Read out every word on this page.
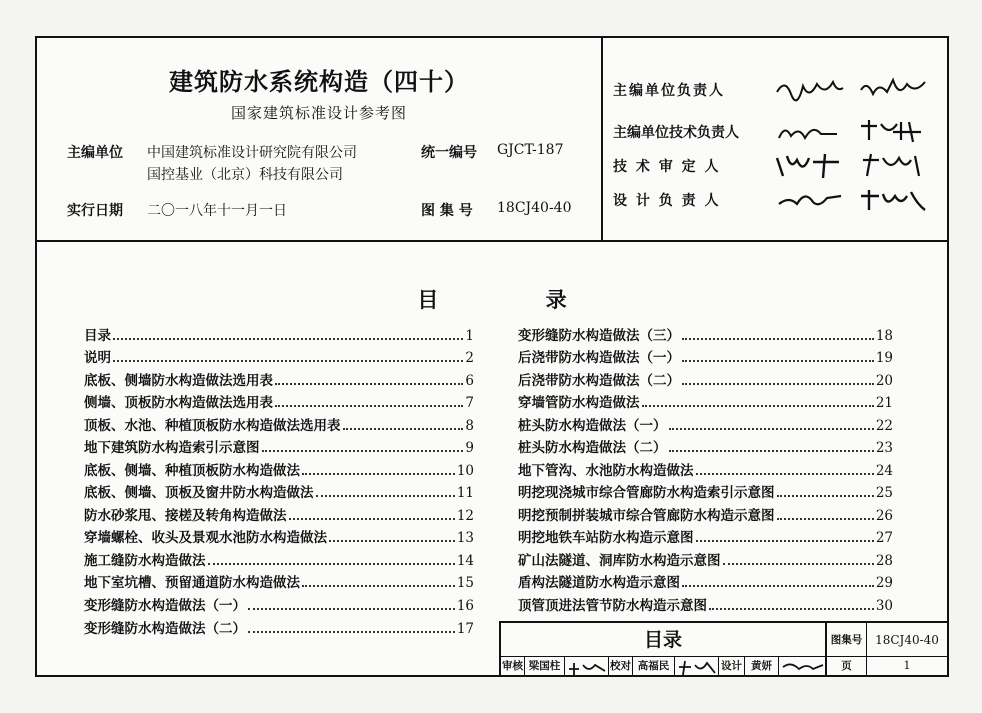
建筑防水系统构造（四十）
国家建筑标准设计参考图
主编单位 中国建筑标准设计研究院有限公司
国控基业（北京）科技有限公司
统一编号 GJCT-187
实行日期 二〇一八年十一月一日	图 集 号 18CJ40-40
主编单位负责人
主编单位技术负责人
技 术 审 定 人
设 计 负 责 人
目 录
目录	1
说明	2
底板、侧墙防水构造做法选用表	6
侧墙、顶板防水构造做法选用表	7
顶板、水池、种植顶板防水构造做法选用表	8
地下建筑防水构造索引示意图	9
底板、侧墙、种植顶板防水构造做法	10
底板、侧墙、顶板及窗井防水构造做法	11
防水砂浆甩、接槎及转角构造做法	12
穿墙螺栓、收头及景观水池防水构造做法	13
施工缝防水构造做法	14
地下室坑槽、预留通道防水构造做法	15
变形缝防水构造做法（一）	16
变形缝防水构造做法（二）	17
变形缝防水构造做法（三）	18
后浇带防水构造做法（一）	19
后浇带防水构造做法（二）	20
穿墙管防水构造做法	21
桩头防水构造做法（一）	22
桩头防水构造做法（二）	23
地下管沟、水池防水构造做法	24
明挖现浇城市综合管廊防水构造索引示意图	25
明挖预制拼装城市综合管廊防水构造示意图	26
明挖地铁车站防水构造示意图	27
矿山法隧道、洞库防水构造示意图	28
盾构法隧道防水构造示意图	29
顶管顶进法管节防水构造示意图	30
目录	图集号	18CJ40-40
审核 梁国柱	校对 高福民	设计 黄妍	页	1
